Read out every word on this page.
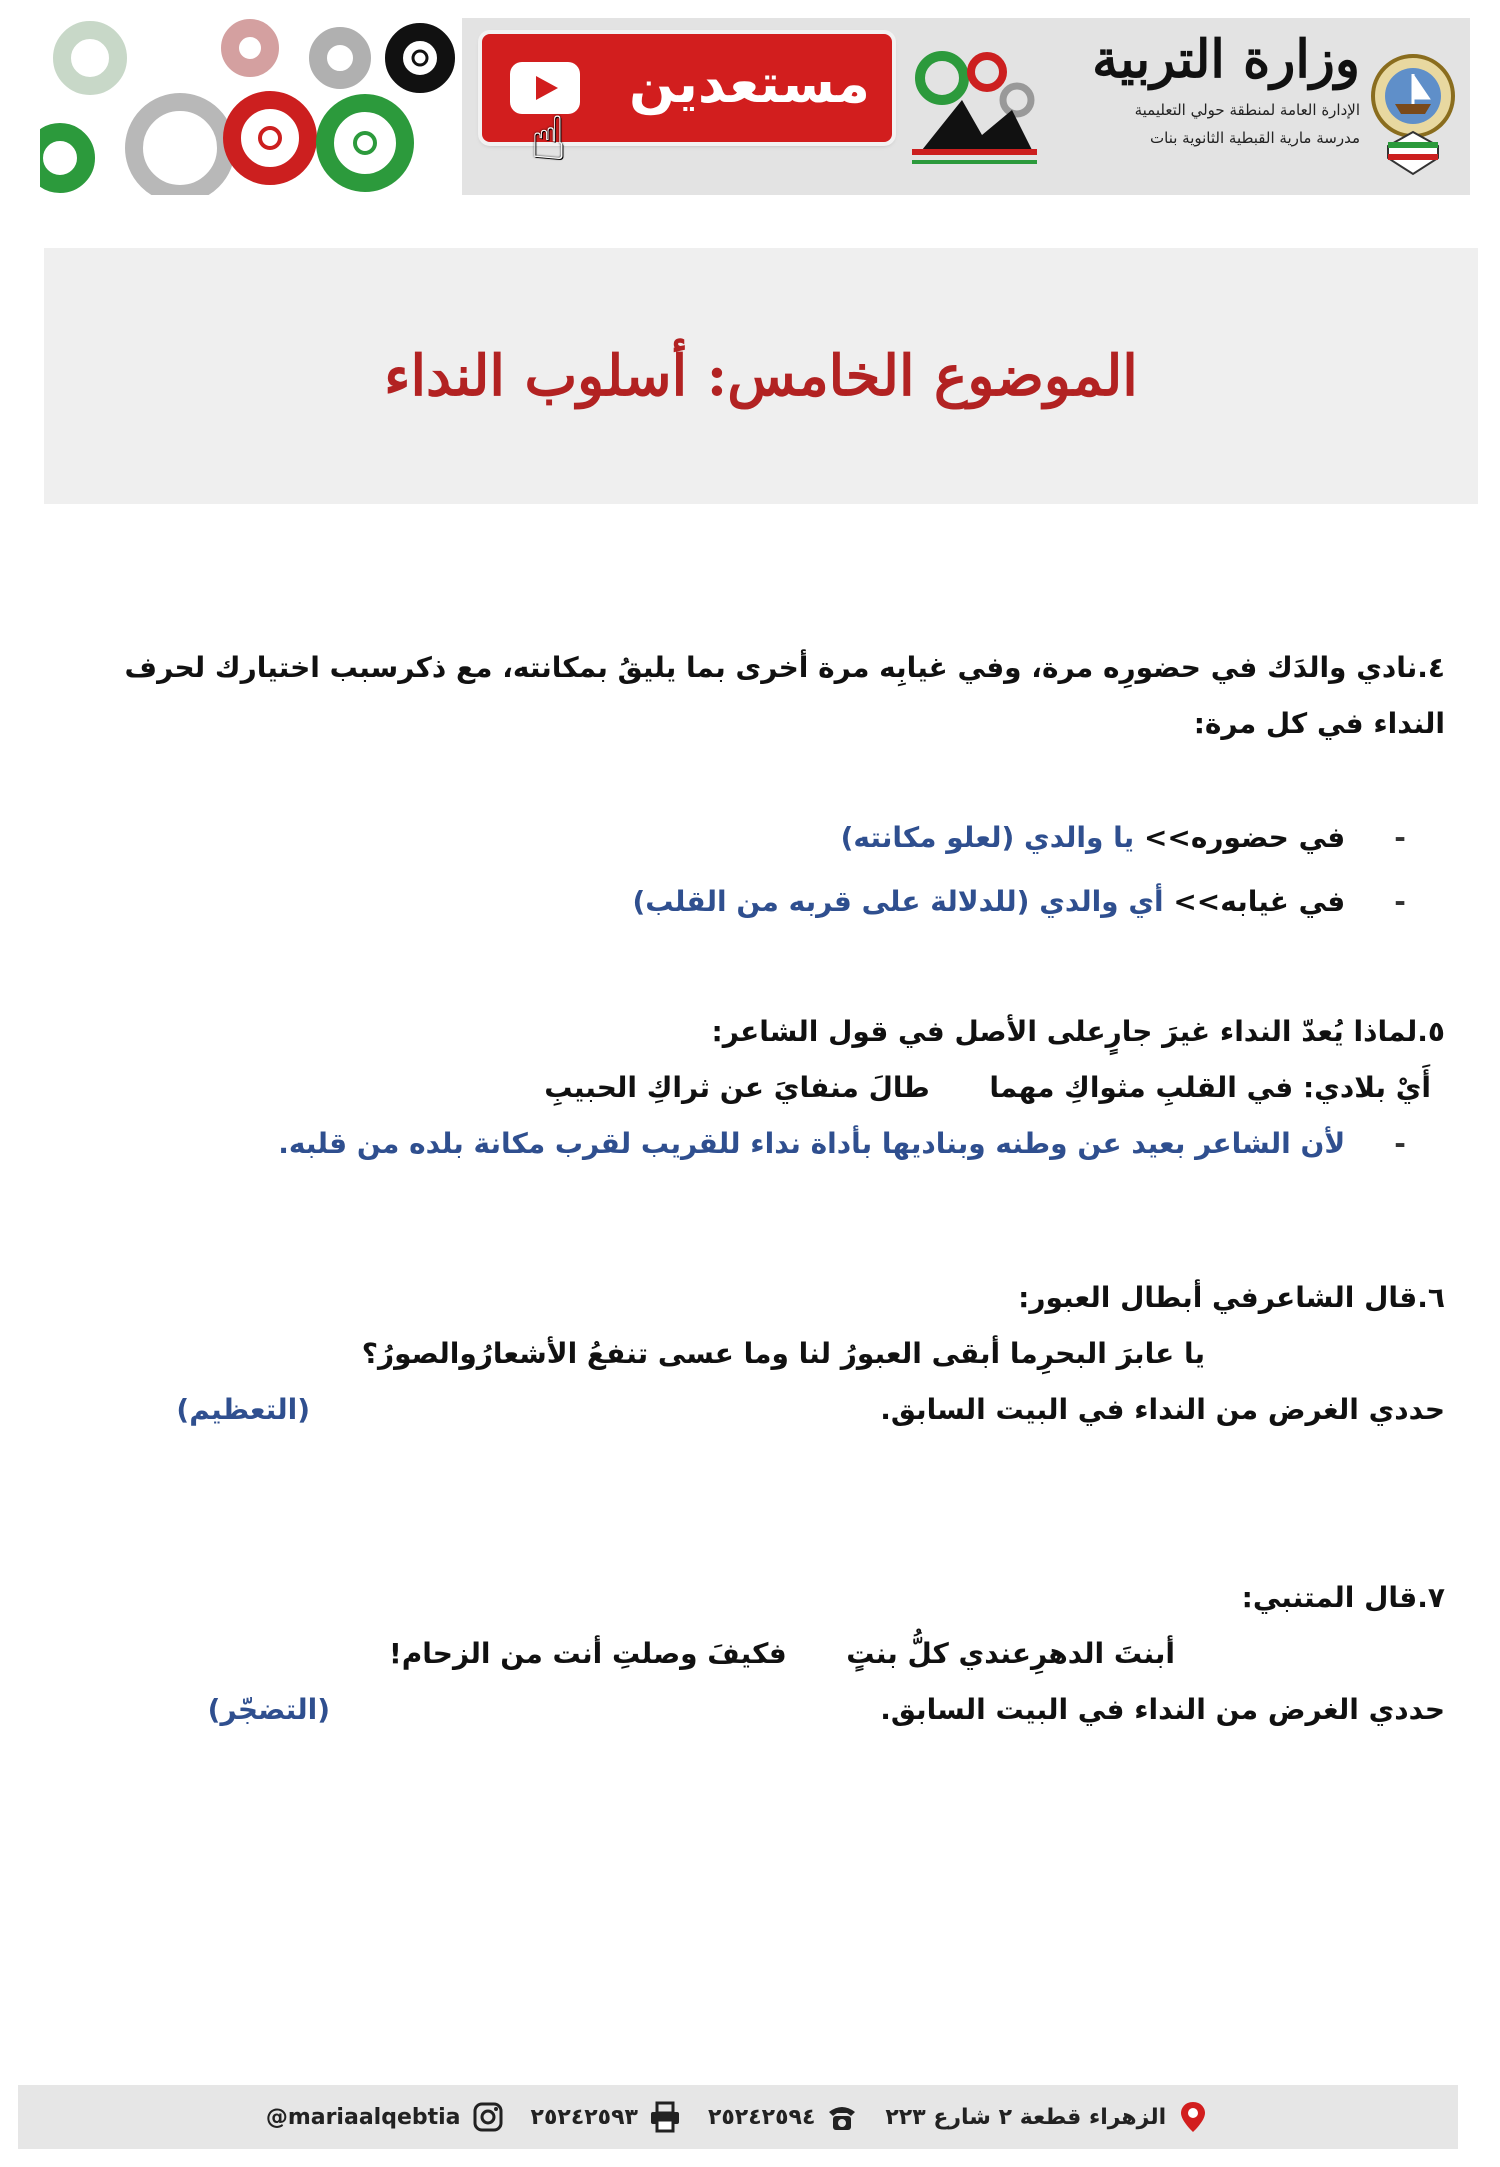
مستعدين
☝
وزارة التربية
الإدارة العامة لمنطقة حولي التعليمية
مدرسة مارية القبطية الثانوية بنات
الموضوع الخامس: أسلوب النداء
٤.نادي والدَك في حضورِه مرة، وفي غيابِه مرة أخرى بما يليقُ بمكانته، مع ذكرسبب اختيارك لحرف
النداء في كل مرة:
- في حضوره>> يا والدي (لعلو مكانته)
- في غيابه>> أي والدي (للدلالة على قربه من القلب)
٥.لماذا يُعدّ النداء غيرَ جارٍعلى الأصل في قول الشاعر:
أَيْ بلادي: في القلبِ مثواكِ مهما  طالَ منفايَ عن ثراكِ الحبيبِ
- لأن الشاعر بعيد عن وطنه وبناديها بأداة نداء للقريب لقرب مكانة بلده من قلبه.
٦.قال الشاعرفي أبطال العبور:
يا عابرَ البحرِما أبقى العبورُ لنا وما عسى تنفعُ الأشعارُوالصورُ؟
حددي الغرض من النداء في البيت السابق.
(التعظيم)
٧.قال المتنبي:
أبنتَ الدهرِعندي كلُّ بنتٍ  فكيفَ وصلتِ أنت من الزحام!
حددي الغرض من النداء في البيت السابق.
(التضجّر)
@mariaalqebtia	٢٥٢٤٢٥٩٣	٢٥٢٤٢٥٩٤	الزهراء قطعة ٢ شارع ٢٢٣
